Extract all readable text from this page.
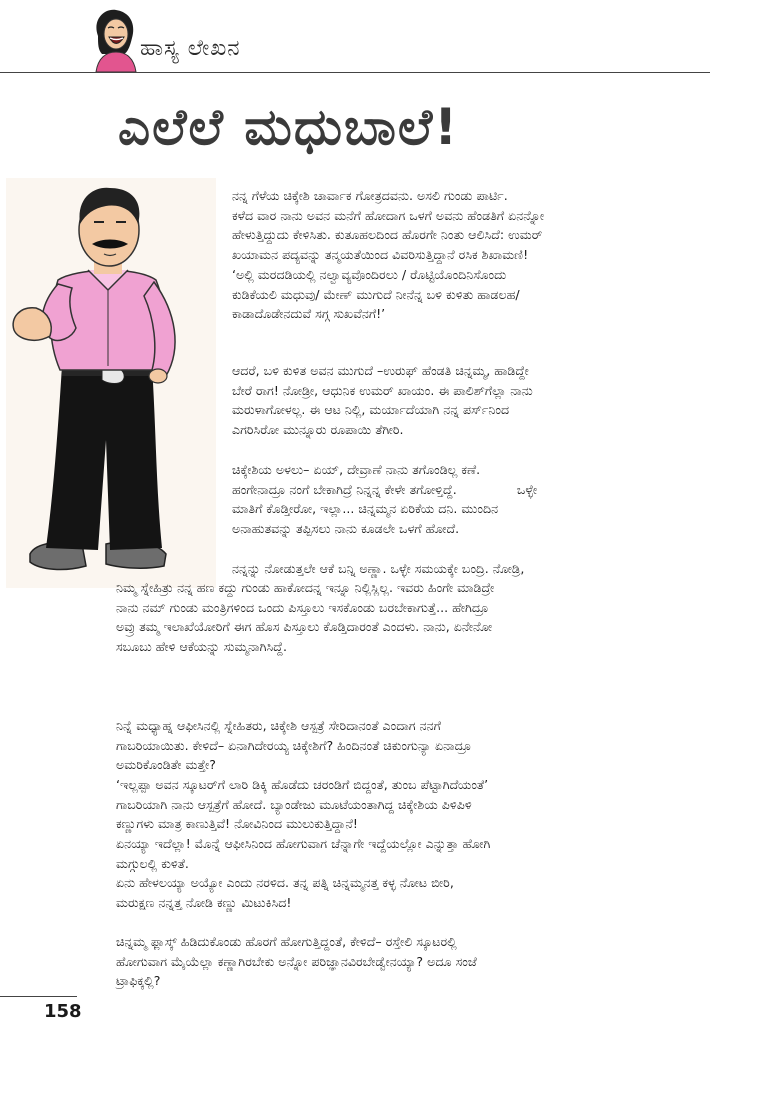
ಹಾಸ್ಯ ಲೇಖನ
ಎಲೆಲೆ ಮಧುಬಾಲೆ!
ನನ್ನ ಗೆಳೆಯ ಚಿಕ್ಕೇಶಿ ಚಾರ್ವಾಕ ಗೋತ್ರದವನು. ಅಸಲಿ ಗುಂಡು ಪಾರ್ಟಿ.
ಕಳೆದ ವಾರ ನಾನು ಅವನ ಮನೆಗೆ ಹೋದಾಗ ಒಳಗೆ ಅವನು ಹೆಂಡತಿಗೆ ಏನನ್ನೋ
ಹೇಳುತ್ತಿದ್ದುದು ಕೇಳಿಸಿತು. ಕುತೂಹಲದಿಂದ ಹೊರಗೇ ನಿಂತು ಆಲಿಸಿದೆ: ಉಮರ್
ಖಯಾಮನ ಪದ್ಯವನ್ನು ತನ್ಮಯತೆಯಿಂದ ವಿವರಿಸುತ್ತಿದ್ದಾನೆ ರಸಿಕ ಶಿಖಾಮಣಿ!
‘ಅಲ್ಲಿ ಮರದಡಿಯಲ್ಲಿ ನಲ್ವಾವ್ಯವೊಂದಿರಲು / ರೊಟ್ಟಿಯೊಂದಿನಿಸೊಂದು
ಕುಡಿಕೆಯಲಿ ಮಧುವು/ ಮೇಣ್ ಮುಗುದೆ ನೀನೆನ್ನ ಬಳಿ ಕುಳಿತು ಹಾಡಲಹ/
ಕಾಡಾದೊಡೇನದುವೆ ಸಗ್ಗ ಸುಖವೆನಗೆ!’
ಆದರೆ, ಬಳಿ ಕುಳಿತ ಅವನ ಮುಗುದೆ –ಉರುಫ್ ಹೆಂಡತಿ ಚಿನ್ನಮ್ಮ, ಹಾಡಿದ್ದೇ
ಬೇರೆ ರಾಗ! ನೋಡ್ರೀ, ಆಧುನಿಕ ಉಮರ್ ಖಾಯಂ. ಈ ಪಾಲಿಶ್‌ಗೆಲ್ಲಾ ನಾನು
ಮರುಳಾಗೋಳಲ್ಲ. ಈ ಆಟ ನಿಲ್ಲಿ, ಮರ್ಯಾದೆಯಾಗಿ ನನ್ನ ಪರ್ಸ್‌ನಿಂದ
ಎಗರಿಸಿರೋ ಮುನ್ನೂರು ರೂಪಾಯಿ ತೆಗೀರಿ.
ಚಿಕ್ಕೇಶಿಯ ಅಳಲು– ಏಯ್, ದೇವ್ರಾಣೆ ನಾನು ತಗೊಂಡಿಲ್ಲ ಕಣೆ.
ಹಂಗೇನಾದ್ರೂ ನಂಗೆ ಬೇಕಾಗಿದ್ರೆ ನಿನ್ನನ್ನ ಕೇಳೇ ತಗೋಳ್ತಿದ್ದೆ.               ಒಳ್ಳೇ
ಮಾತಿಗೆ ಕೊಡ್ತೀರೋ, ಇಲ್ಲಾ... ಚಿನ್ನಮ್ಮನ ಏರಿಕೆಯ ದನಿ. ಮುಂದಿನ
ಅನಾಹುತವನ್ನು ತಪ್ಪಿಸಲು ನಾನು ಕೂಡಲೇ ಒಳಗೆ ಹೋದೆ.
ನನ್ನನ್ನು ನೋಡುತ್ತಲೇ ಆಕೆ ಬನ್ನಿ ಅಣ್ಣಾ. ಒಳ್ಳೇ ಸಮಯಕ್ಕೇ ಬಂದ್ರಿ. ನೋಡ್ರಿ,
ನಿಮ್ಮ ಸ್ನೇಹಿತ್ರು ನನ್ನ ಹಣ ಕದ್ದು ಗುಂಡು ಹಾಕೋದನ್ನ ಇನ್ನೂ ನಿಲ್ಲಿಸ್ಲಿಲ್ಲ. ಇವರು ಹಿಂಗೇ ಮಾಡಿದ್ರೇ
ನಾನು ನಮ್ ಗುಂಡು ಮಂತ್ರಿಗಳಿಂದ ಒಂದು ಪಿಸ್ತೂಲು ಇಸಕೊಂಡು ಬರಬೇಕಾಗುತ್ತೆ... ಹೇಗಿದ್ರೂ
ಅವ್ರು ತಮ್ಮ ಇಲಾಖೆಯೋರಿಗೆ ಈಗ ಹೊಸ ಪಿಸ್ತೂಲು ಕೊಡ್ತಿದಾರಂತೆ ಎಂದಳು. ನಾನು, ಏನೇನೋ
ಸಬೂಬು ಹೇಳಿ ಆಕೆಯನ್ನು ಸುಮ್ಮನಾಗಿಸಿದ್ದೆ.
ನಿನ್ನೆ ಮಧ್ಯಾಹ್ನ ಆಫೀಸಿನಲ್ಲಿ ಸ್ನೇಹಿತರು, ಚಿಕ್ಕೇಶಿ ಆಸ್ಪತ್ರೆ ಸೇರಿದಾನಂತೆ ಎಂದಾಗ ನನಗೆ
ಗಾಬರಿಯಾಯಿತು. ಕೇಳಿದೆ– ಏನಾಗಿದೇರಯ್ಯ ಚಿಕ್ಕೇಶಿಗೆ? ಹಿಂದಿನಂತೆ ಚಿಕುಂಗುನ್ಯಾ ಏನಾದ್ರೂ
ಅಮರಿಕೊಂಡಿತೇ ಮತ್ತೇ?
‘ಇಲ್ಲಪ್ಪಾ ಅವನ ಸ್ಕೂಟರ್‌ಗೆ ಲಾರಿ ಡಿಕ್ಕಿ ಹೊಡೆದು ಚರಂಡಿಗೆ ಬಿದ್ದಂತೆ, ತುಂಬ ಪೆಟ್ಟಾಗಿದೆಯಂತೆ’
ಗಾಬರಿಯಾಗಿ ನಾನು ಆಸ್ಪತ್ರೆಗೆ ಹೋದೆ. ಬ್ಯಾಂಡೇಜು ಮೂಟೆಯಂತಾಗಿದ್ದ ಚಿಕ್ಕೇಶಿಯ ಪಿಳಿಪಿಳಿ
ಕಣ್ಣುಗಳು ಮಾತ್ರ ಕಾಣುತ್ತಿವೆ! ನೋವಿನಿಂದ ಮುಲುಕುತ್ತಿದ್ದಾನೆ!
ಏನಯ್ಯಾ ಇದೆಲ್ಲಾ! ಮೊನ್ನೆ ಆಫೀಸಿನಿಂದ ಹೋಗುವಾಗ ಚೆನ್ನಾಗೇ ಇದ್ದೆಯಲ್ಲೋ ಎನ್ನುತ್ತಾ ಹೋಗಿ
ಮಗ್ಗುಲಲ್ಲಿ ಕುಳಿತೆ.
ಏನು ಹೇಳಲಯ್ಯಾ ಅಯ್ಯೋ ಎಂದು ನರಳಿದ. ತನ್ನ ಪತ್ನಿ ಚಿನ್ನಮ್ಮನತ್ತ ಕಳ್ಳ ನೋಟ ಬೀರಿ,
ಮರುಕ್ಷಣ ನನ್ನತ್ತ ನೋಡಿ ಕಣ್ಣು ಮಿಟುಕಿಸಿದ!
ಚಿನ್ನಮ್ಮ ಫ್ಲಾಸ್ಕ್ ಹಿಡಿದುಕೊಂಡು ಹೊರಗೆ ಹೋಗುತ್ತಿದ್ದಂತೆ, ಕೇಳಿದೆ– ರಸ್ತೇಲಿ ಸ್ಕೂಟರಲ್ಲಿ
ಹೋಗುವಾಗ ಮೈಯೆಲ್ಲಾ ಕಣ್ಣಾಗಿರಬೇಕು ಅನ್ನೋ ಪರಿಜ್ಞಾನವಿರಬೇಡ್ವೇನಯ್ಯಾ? ಅದೂ ಸಂಜೆ
ಟ್ರಾಫಿಕ್ಕಲ್ಲಿ?
158
